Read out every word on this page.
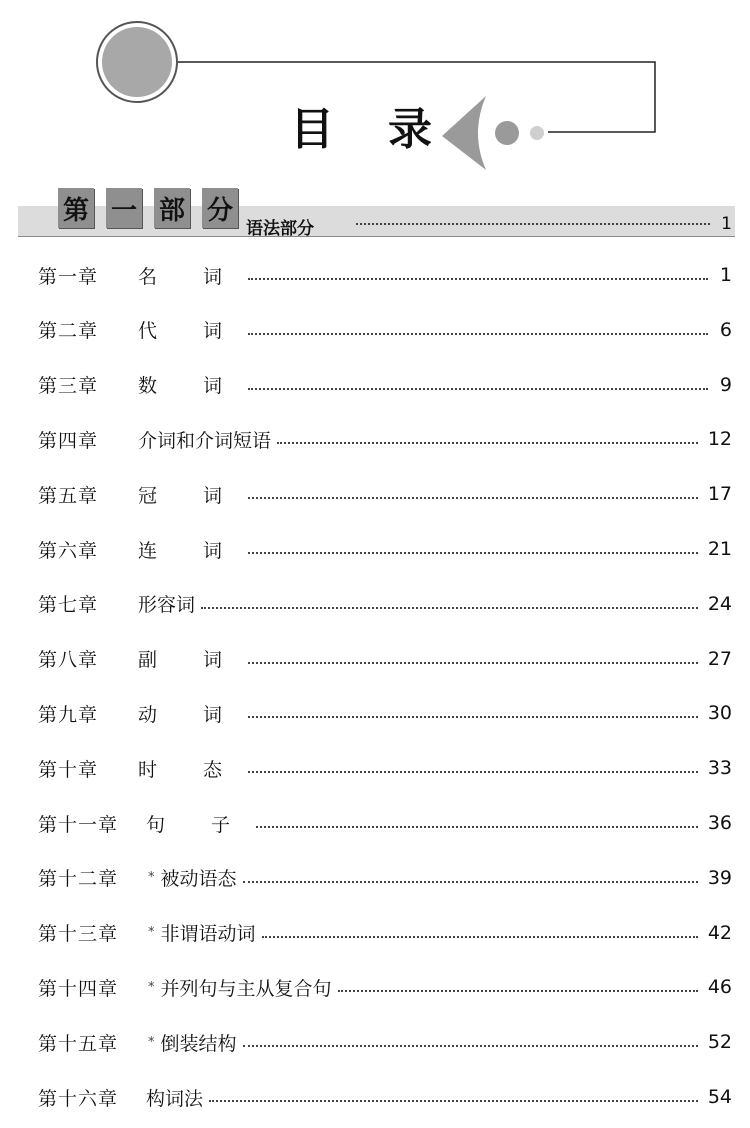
目 录
第 一 部 分
语法部分	1
第一章	名 词	1
第二章	代 词	6
第三章	数 词	9
第四章	介词和介词短语	12
第五章	冠 词	17
第六章	连 词	21
第七章	形容词	24
第八章	副 词	27
第九章	动 词	30
第十章	时 态	33
第十一章	句 子	36
第十二章	* 被动语态	39
第十三章	* 非谓语动词	42
第十四章	* 并列句与主从复合句	46
第十五章	* 倒装结构	52
第十六章	构词法	54
